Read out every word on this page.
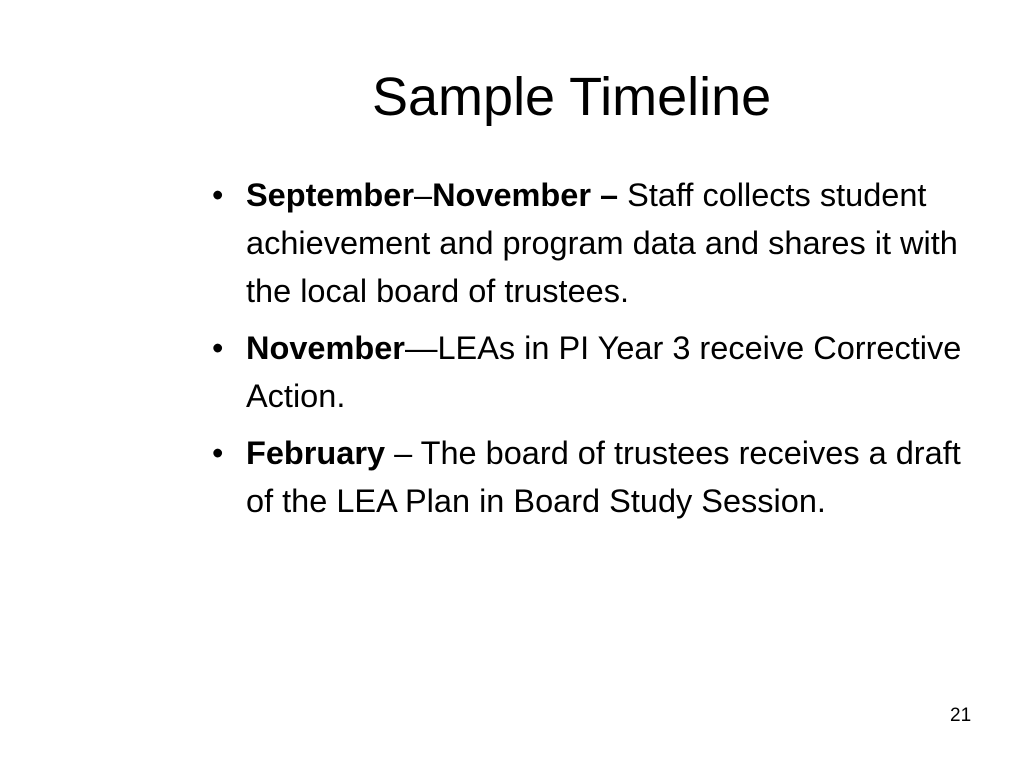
Sample Timeline
• September–November – Staff collects student achievement and program data and shares it with the local board of trustees.
• November—LEAs in PI Year 3 receive Corrective Action.
• February – The board of trustees receives a draft of the LEA Plan in Board Study Session.
21
